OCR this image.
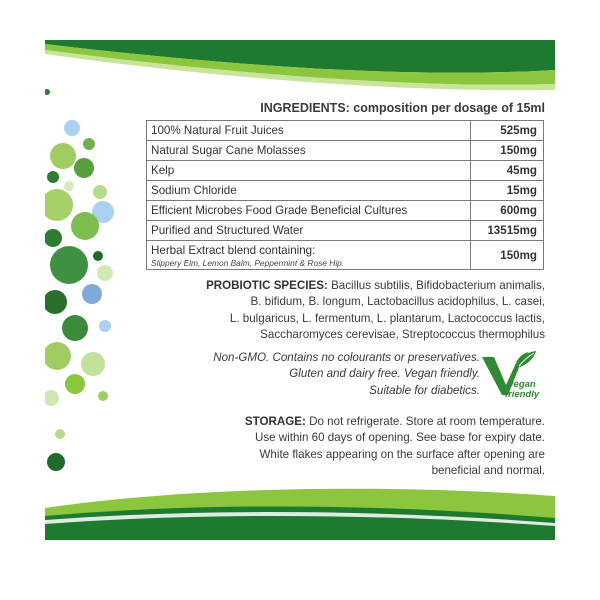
INGREDIENTS: composition per dosage of 15ml
100% Natural Fruit Juices	525mg
Natural Sugar Cane Molasses	150mg
Kelp	45mg
Sodium Chloride	15mg
Efficient Microbes Food Grade Beneficial Cultures	600mg
Purified and Structured Water	13515mg
Herbal Extract blend containing:
Slippery Elm, Lemon Balm, Peppermint & Rose Hip.	150mg

PROBIOTIC SPECIES: Bacillus subtilis, Bifidobacterium animalis,
B. bifidum, B. longum, Lactobacillus acidophilus, L. casei,
L. bulgaricus, L. fermentum, L. plantarum, Lactococcus lactis,
Saccharomyces cerevisae, Streptococcus thermophilus

Non-GMO. Contains no colourants or preservatives.
Gluten and dairy free. Vegan friendly.
Suitable for diabetics.	vegan
friendly

STORAGE: Do not refrigerate. Store at room temperature.
Use within 60 days of opening. See base for expiry date.
White flakes appearing on the surface after opening are
beneficial and normal.
